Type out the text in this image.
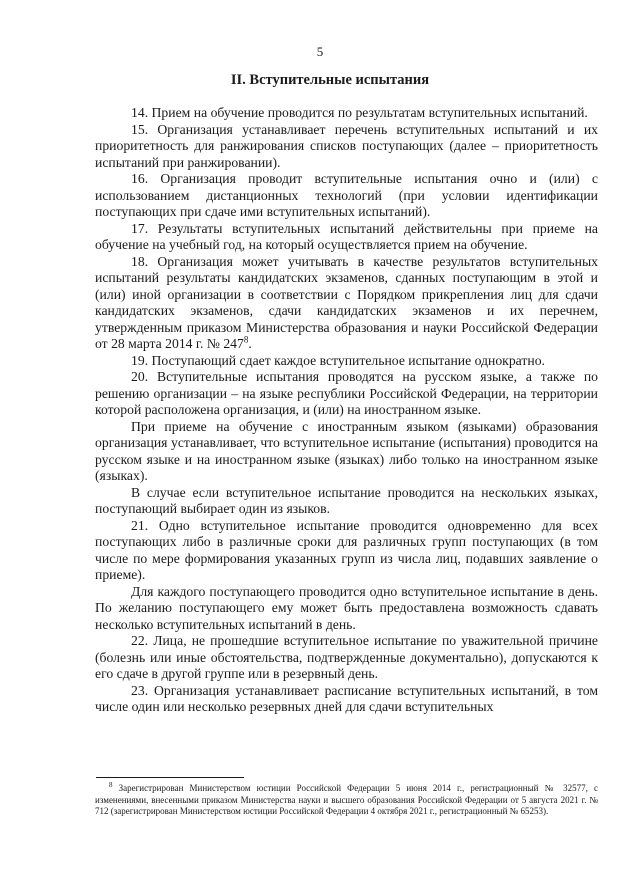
5
II. Вступительные испытания

14. Прием на обучение проводится по результатам вступительных испытаний.

15. Организация устанавливает перечень вступительных испытаний и их приоритетность для ранжирования списков поступающих (далее – приоритетность испытаний при ранжировании).

16. Организация проводит вступительные испытания очно и (или) с использованием дистанционных технологий (при условии идентификации поступающих при сдаче ими вступительных испытаний).

17. Результаты вступительных испытаний действительны при приеме на обучение на учебный год, на который осуществляется прием на обучение.

18. Организация может учитывать в качестве результатов вступительных испытаний результаты кандидатских экзаменов, сданных поступающим в этой и (или) иной организации в соответствии с Порядком прикрепления лиц для сдачи кандидатских экзаменов, сдачи кандидатских экзаменов и их перечнем, утвержденным приказом Министерства образования и науки Российской Федерации от 28 марта 2014 г. № $247^8$.

19. Поступающий сдает каждое вступительное испытание однократно.

20. Вступительные испытания проводятся на русском языке, а также по решению организации – на языке республики Российской Федерации, на территории которой расположена организация, и (или) на иностранном языке.

При приеме на обучение с иностранным языком (языками) образования организация устанавливает, что вступительное испытание (испытания) проводится на русском языке и на иностранном языке (языках) либо только на иностранном языке (языках).

В случае если вступительное испытание проводится на нескольких языках, поступающий выбирает один из языков.

21. Одно вступительное испытание проводится одновременно для всех поступающих либо в различные сроки для различных групп поступающих (в том числе по мере формирования указанных групп из числа лиц, подавших заявление о приеме).

Для каждого поступающего проводится одно вступительное испытание в день. По желанию поступающего ему может быть предоставлена возможность сдавать несколько вступительных испытаний в день.

22. Лица, не прошедшие вступительное испытание по уважительной причине (болезнь или иные обстоятельства, подтвержденные документально), допускаются к его сдаче в другой группе или в резервный день.

23. Организация устанавливает расписание вступительных испытаний, в том числе один или несколько резервных дней для сдачи вступительных

$^8$ Зарегистрирован Министерством юстиции Российской Федерации 5 июня 2014 г., регистрационный № 32577, с изменениями, внесенными приказом Министерства науки и высшего образования Российской Федерации от 5 августа 2021 г. № 712 (зарегистрирован Министерством юстиции Российской Федерации 4 октября 2021 г., регистрационный № 65253).
